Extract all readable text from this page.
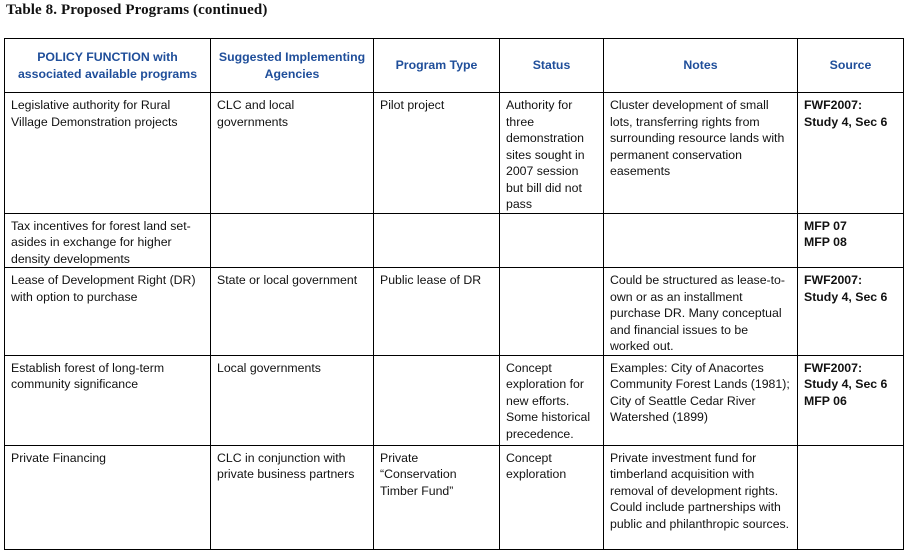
Table 8. Proposed Programs (continued)
POLICY FUNCTION with associated available programs	Suggested Implementing Agencies	Program Type	Status	Notes	Source
Legislative authority for Rural Village Demonstration projects	CLC and local governments	Pilot project	Authority for three demonstration sites sought in 2007 session but bill did not pass	Cluster development of small lots, transferring rights from surrounding resource lands with permanent conservation easements	FWF2007:
Study 4, Sec 6

Tax incentives for forest land set-asides in exchange for higher density developments					MFP 07
MFP 08

Lease of Development Right (DR) with option to purchase	State or local government	Public lease of DR		Could be structured as lease-to-own or as an installment purchase DR. Many conceptual and financial issues to be worked out.	FWF2007:
Study 4, Sec 6

Establish forest of long-term community significance	Local governments		Concept exploration for new efforts. Some historical precedence.	Examples: City of Anacortes Community Forest Lands (1981); City of Seattle Cedar River Watershed (1899)	FWF2007:
Study 4, Sec 6
MFP 06

Private Financing	CLC in conjunction with private business partners	Private “Conservation Timber Fund”	Concept exploration	Private investment fund for timberland acquisition with removal of development rights. Could include partnerships with public and philanthropic sources.	
